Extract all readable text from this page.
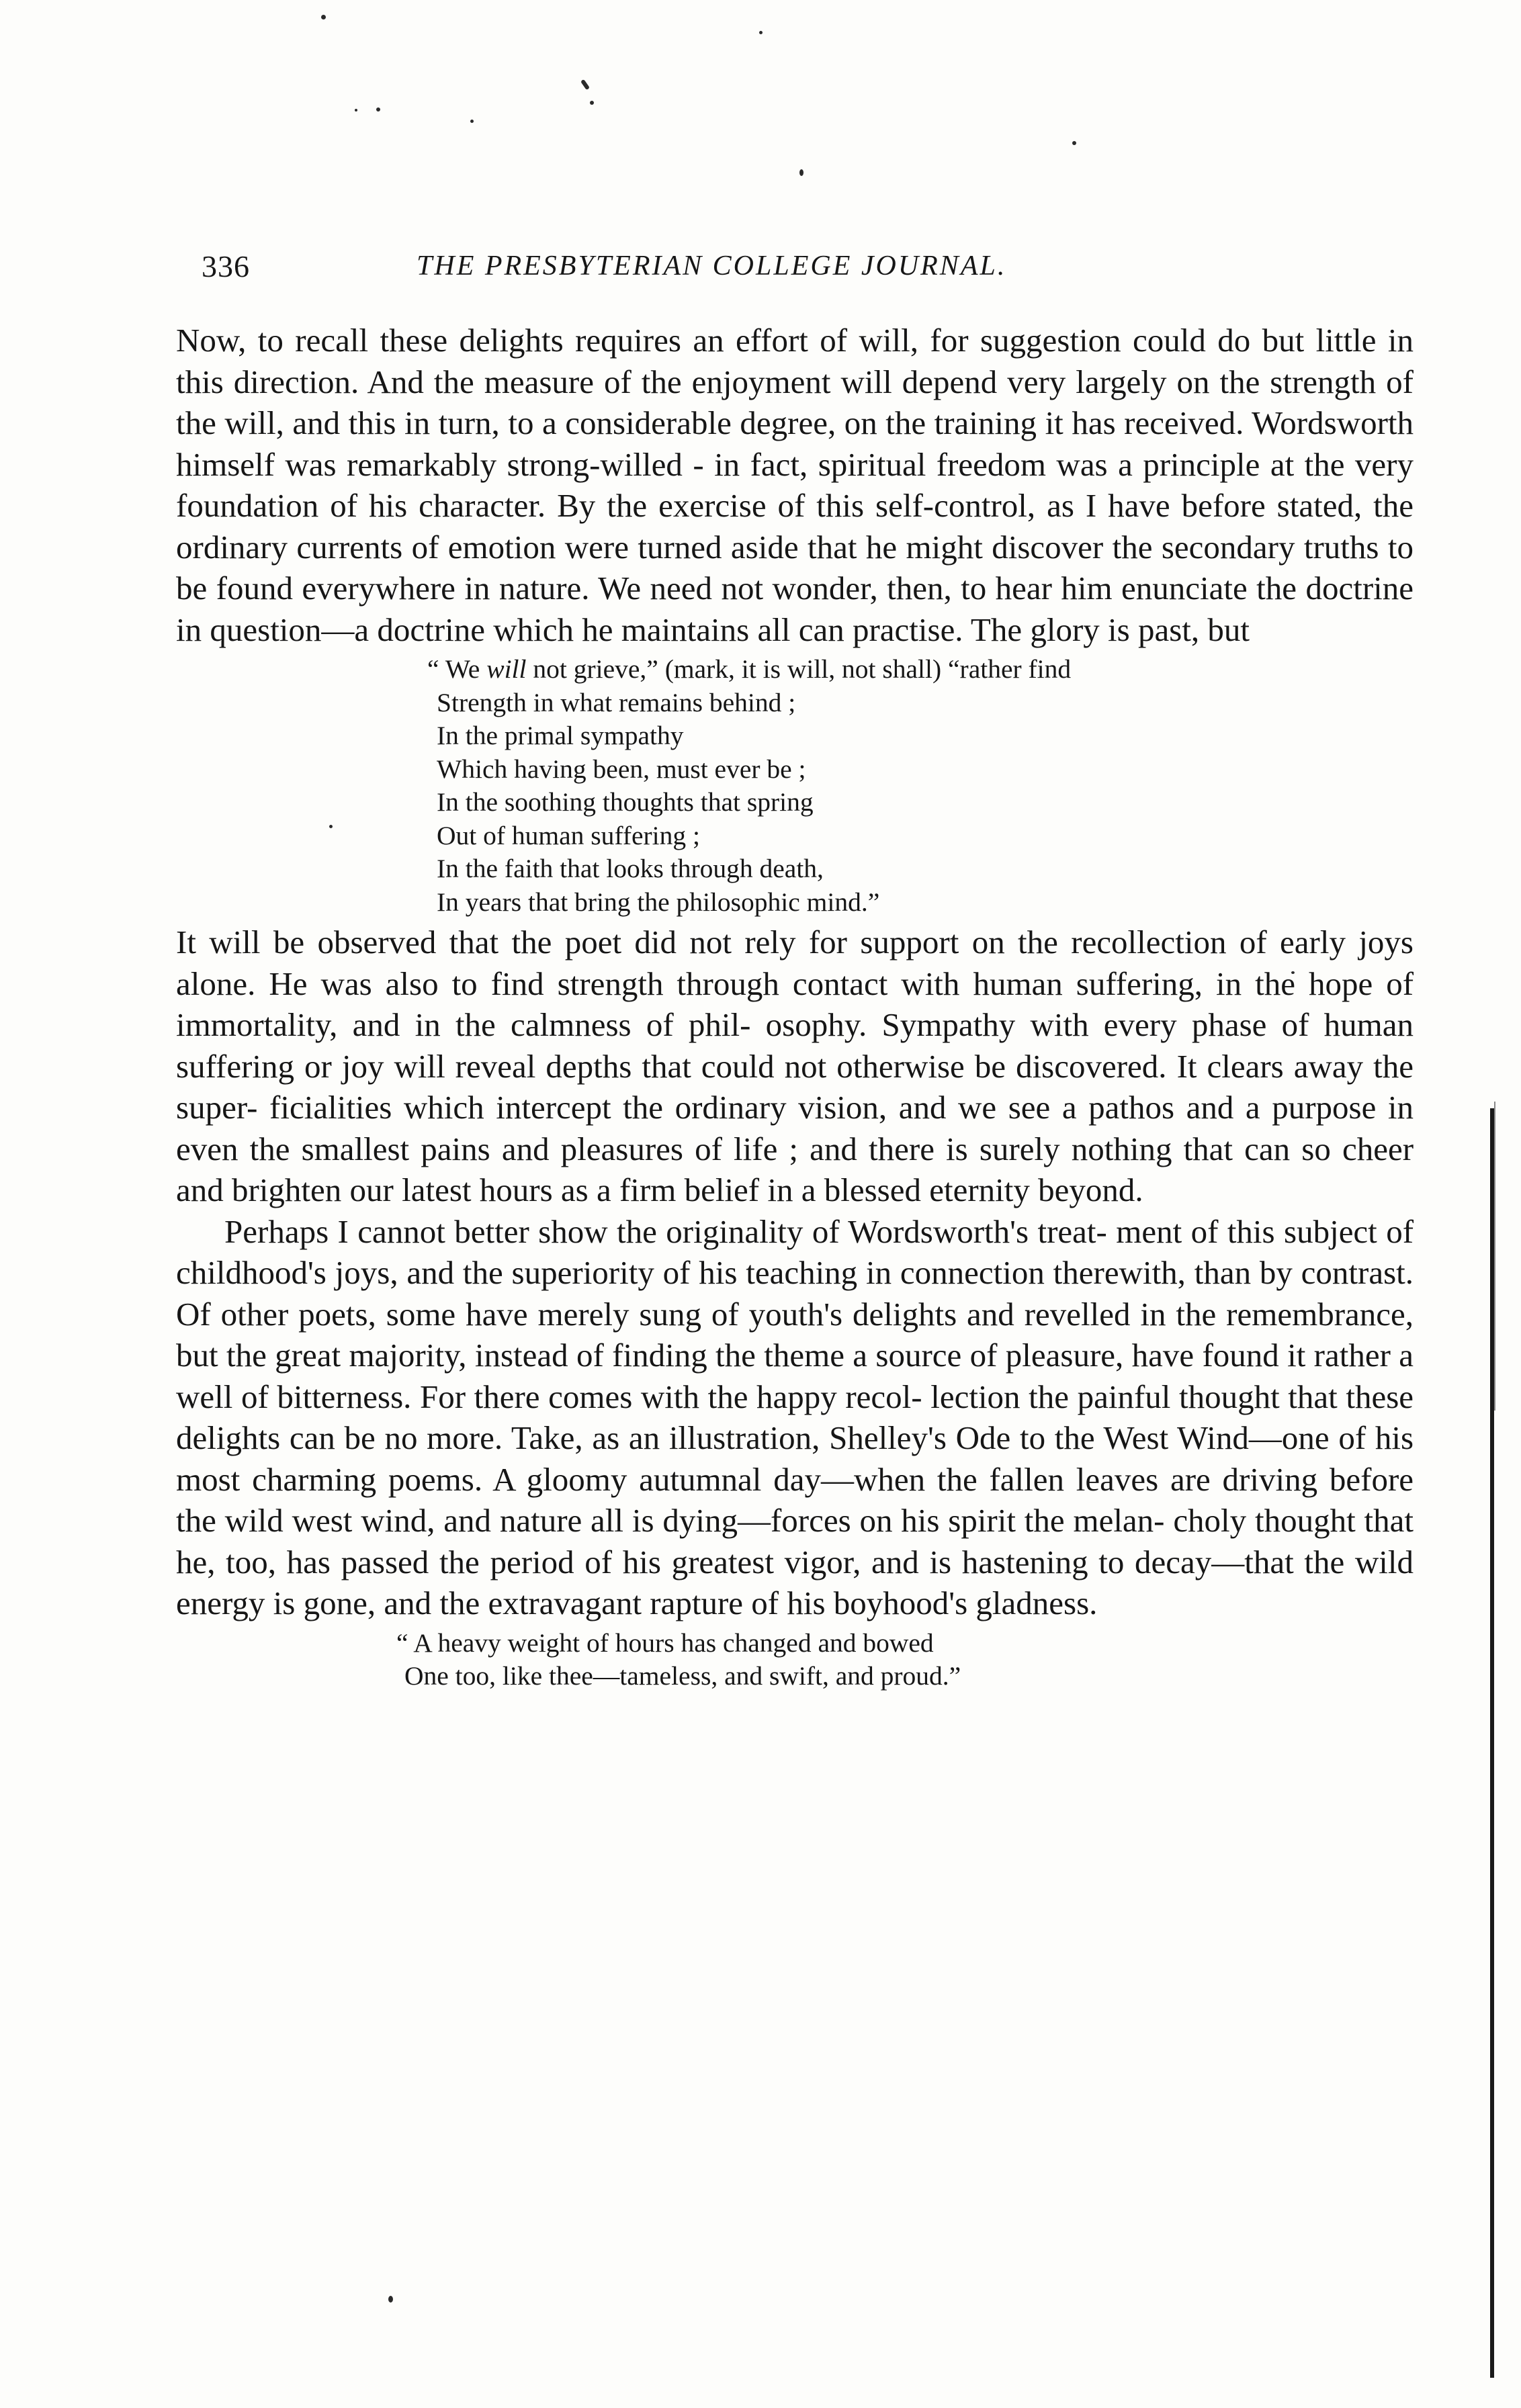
336	THE PRESBYTERIAN COLLEGE JOURNAL.

Now, to recall these delights requires an effort of will, for suggestion could do but little in this direction. And the measure of the enjoyment will depend very largely on the strength of the will, and this in turn, to a considerable degree, on the training it has received. Wordsworth himself was remarkably strong-willed - in fact, spiritual freedom was a principle at the very foundation of his character. By the exercise of this self-control, as I have before stated, the ordinary currents of emotion were turned aside that he might discover the secondary truths to be found everywhere in nature. We need not wonder, then, to hear him enunciate the doctrine in question—a doctrine which he maintains all can practise. The glory is past, but

“ We will not grieve,” (mark, it is will, not shall) “rather find
Strength in what remains behind ;
In the primal sympathy
Which having been, must ever be ;
In the soothing thoughts that spring
Out of human suffering ;
In the faith that looks through death,
In years that bring the philosophic mind.”

It will be observed that the poet did not rely for support on the recollection of early joys alone. He was also to find strength through contact with human suffering, in the hope of immortality, and in the calmness of phil- osophy. Sympathy with every phase of human suffering or joy will reveal depths that could not otherwise be discovered. It clears away the super- ficialities which intercept the ordinary vision, and we see a pathos and a purpose in even the smallest pains and pleasures of life ; and there is surely nothing that can so cheer and brighten our latest hours as a firm belief in a blessed eternity beyond.

Perhaps I cannot better show the originality of Wordsworth's treat- ment of this subject of childhood's joys, and the superiority of his teaching in connection therewith, than by contrast. Of other poets, some have merely sung of youth's delights and revelled in the remembrance, but the great majority, instead of finding the theme a source of pleasure, have found it rather a well of bitterness. For there comes with the happy recol- lection the painful thought that these delights can be no more. Take, as an illustration, Shelley's Ode to the West Wind—one of his most charming poems. A gloomy autumnal day—when the fallen leaves are driving before the wild west wind, and nature all is dying—forces on his spirit the melan- choly thought that he, too, has passed the period of his greatest vigor, and is hastening to decay—that the wild energy is gone, and the extravagant rapture of his boyhood's gladness.

“ A heavy weight of hours has changed and bowed
One too, like thee—tameless, and swift, and proud.”
